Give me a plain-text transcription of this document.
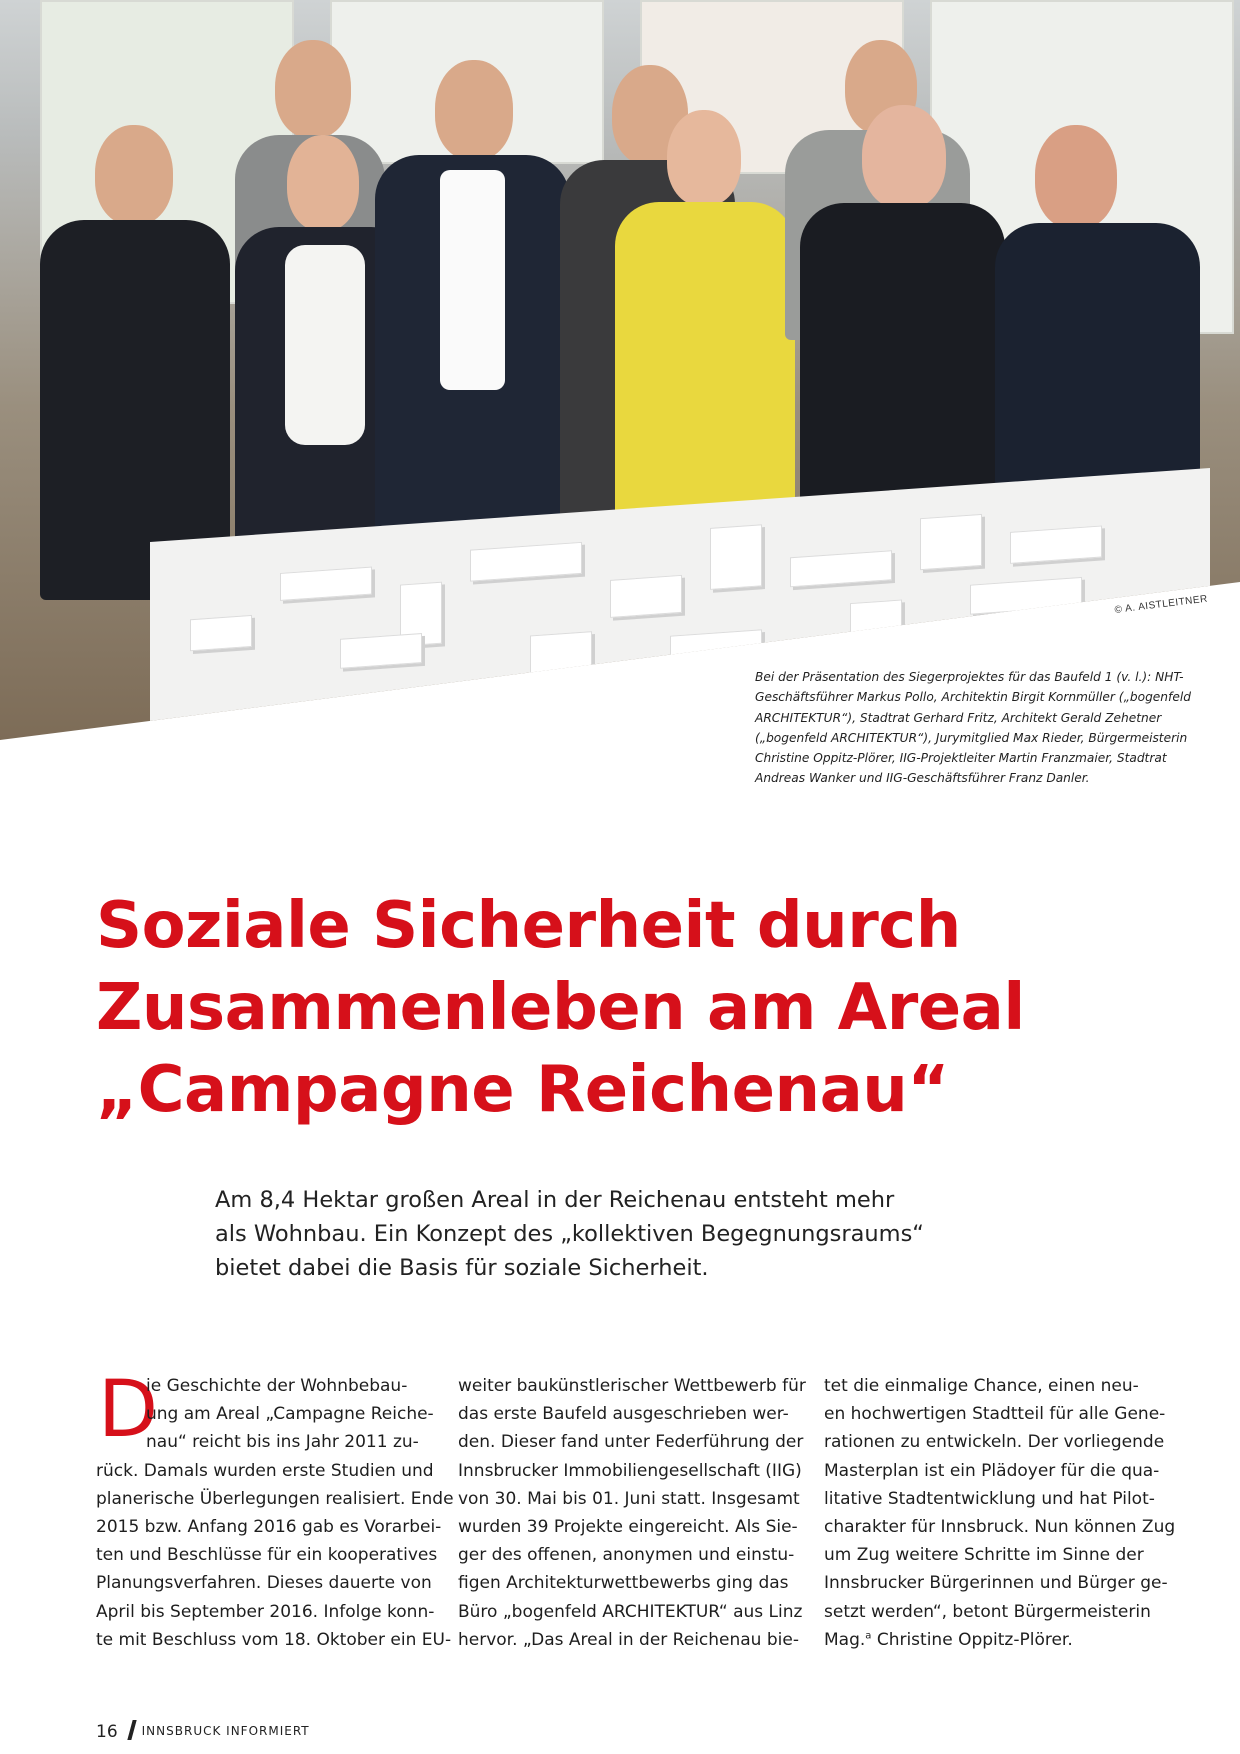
© A. AISTLEITNER
Bei der Präsentation des Siegerprojektes für das Baufeld 1 (v. l.): NHT-
Geschäftsführer Markus Pollo, Architektin Birgit Kornmüller („bogenfeld
ARCHITEKTUR“), Stadtrat Gerhard Fritz, Architekt Gerald Zehetner
(„bogenfeld ARCHITEKTUR“), Jurymitglied Max Rieder, Bürgermeisterin
Christine Oppitz-Plörer, IIG-Projektleiter Martin Franzmaier, Stadtrat
Andreas Wanker und IIG-Geschäftsführer Franz Danler.
Soziale Sicherheit durch
Zusammenleben am Areal
„Campagne Reichenau“
Am 8,4 Hektar großen Areal in der Reichenau entsteht mehr
als Wohnbau. Ein Konzept des „kollektiven Begegnungsraums“
bietet dabei die Basis für soziale Sicherheit.
D
ie Geschichte der Wohnbebau-
ung am Areal „Campagne Reiche-
nau“ reicht bis ins Jahr 2011 zu-
rück. Damals wurden erste Studien und
planerische Überlegungen realisiert. Ende
2015 bzw. Anfang 2016 gab es Vorarbei-
ten und Beschlüsse für ein kooperatives
Planungsverfahren. Dieses dauerte von
April bis September 2016. Infolge konn-
te mit Beschluss vom 18. Oktober ein EU-
weiter baukünstlerischer Wettbewerb für
das erste Baufeld ausgeschrieben wer-
den. Dieser fand unter Federführung der
Innsbrucker Immobiliengesellschaft (IIG)
von 30. Mai bis 01. Juni statt. Insgesamt
wurden 39 Projekte eingereicht. Als Sie-
ger des offenen, anonymen und einstu-
figen Architekturwettbewerbs ging das
Büro „bogenfeld ARCHITEKTUR“ aus Linz
hervor. „Das Areal in der Reichenau bie-
tet die einmalige Chance, einen neu-
en hochwertigen Stadtteil für alle Gene-
rationen zu entwickeln. Der vorliegende
Masterplan ist ein Plädoyer für die qua-
litative Stadtentwicklung und hat Pilot-
charakter für Innsbruck. Nun können Zug
um Zug weitere Schritte im Sinne der
Innsbrucker Bürgerinnen und Bürger ge-
setzt werden“, betont Bürgermeisterin
Mag.$^a$ Christine Oppitz-Plörer.
16 INNSBRUCK INFORMIERT
